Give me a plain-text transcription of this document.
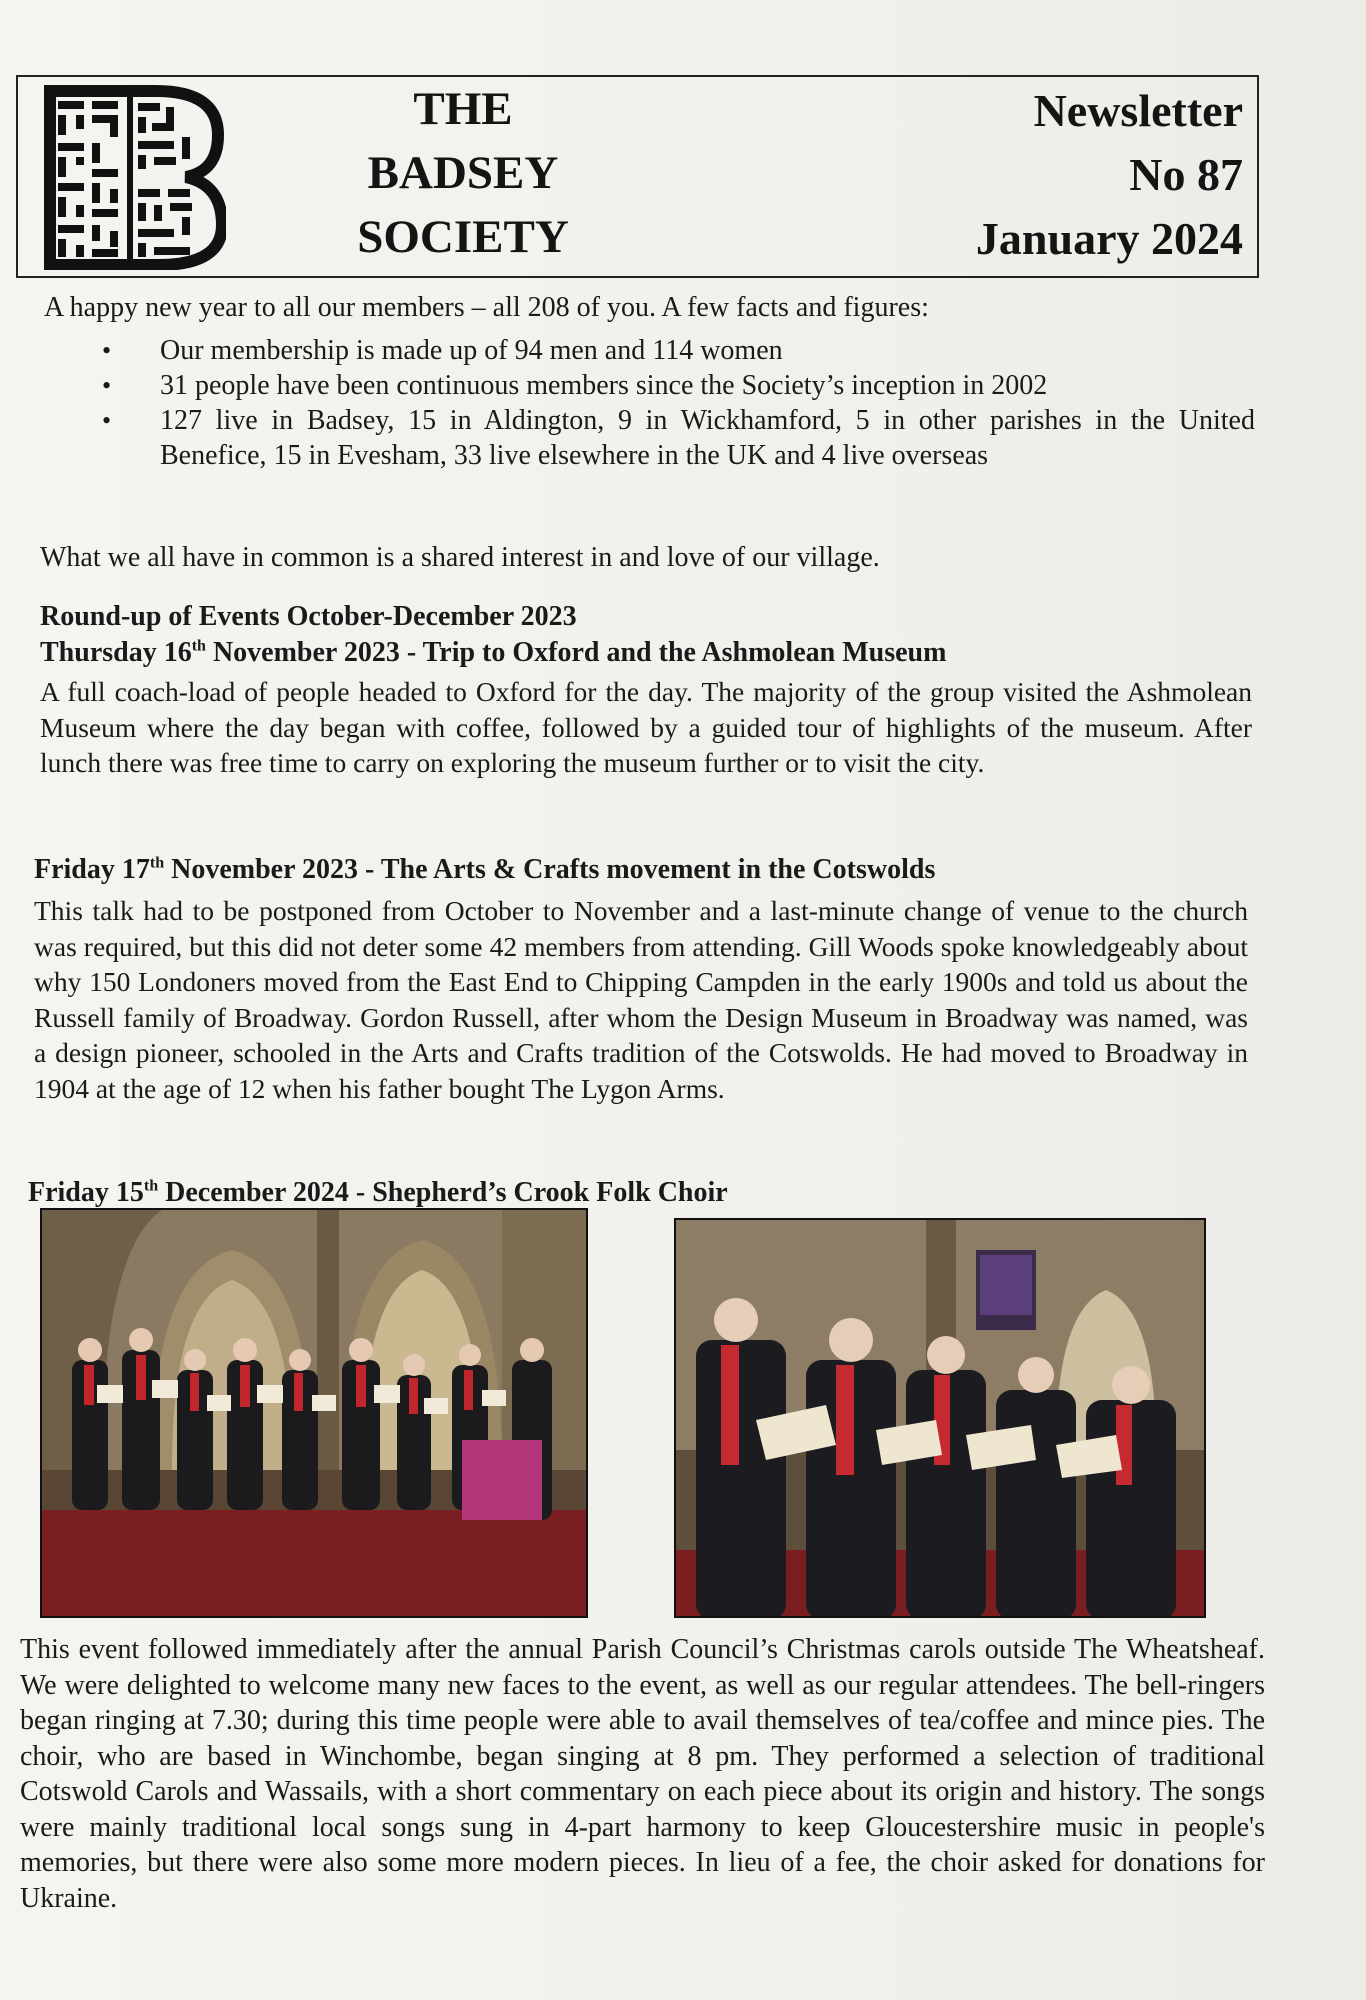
THE
BADSEY
SOCIETY
Newsletter
No 87
January 2024

A happy new year to all our members – all 208 of you. A few facts and figures:

• Our membership is made up of 94 men and 114 women
• 31 people have been continuous members since the Society’s inception in 2002
• 127 live in Badsey, 15 in Aldington, 9 in Wickhamford, 5 in other parishes in the United Benefice, 15 in Evesham, 33 live elsewhere in the UK and 4 live overseas

What we all have in common is a shared interest in and love of our village.

Round-up of Events October-December 2023
Thursday 16th November 2023 - Trip to Oxford and the Ashmolean Museum

A full coach-load of people headed to Oxford for the day. The majority of the group visited the Ashmolean Museum where the day began with coffee, followed by a guided tour of highlights of the museum. After lunch there was free time to carry on exploring the museum further or to visit the city.

Friday 17th November 2023 - The Arts & Crafts movement in the Cotswolds

This talk had to be postponed from October to November and a last-minute change of venue to the church was required, but this did not deter some 42 members from attending. Gill Woods spoke knowledgeably about why 150 Londoners moved from the East End to Chipping Campden in the early 1900s and told us about the Russell family of Broadway. Gordon Russell, after whom the Design Museum in Broadway was named, was a design pioneer, schooled in the Arts and Crafts tradition of the Cotswolds. He had moved to Broadway in 1904 at the age of 12 when his father bought The Lygon Arms.

Friday 15th December 2024 - Shepherd’s Crook Folk Choir

This event followed immediately after the annual Parish Council’s Christmas carols outside The Wheatsheaf. We were delighted to welcome many new faces to the event, as well as our regular attendees. The bell-ringers began ringing at 7.30; during this time people were able to avail themselves of tea/coffee and mince pies. The choir, who are based in Winchombe, began singing at 8 pm. They performed a selection of traditional Cotswold Carols and Wassails, with a short commentary on each piece about its origin and history. The songs were mainly traditional local songs sung in 4-part harmony to keep Gloucestershire music in people's memories, but there were also some more modern pieces. In lieu of a fee, the choir asked for donations for Ukraine.
